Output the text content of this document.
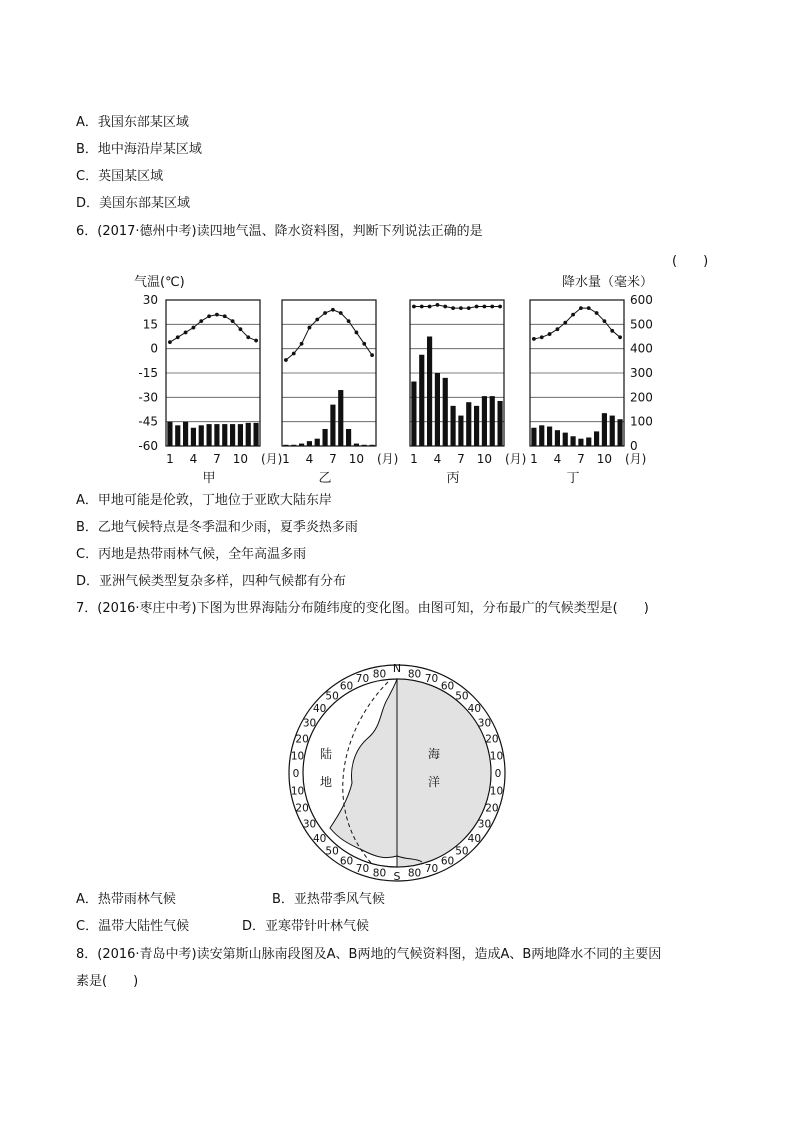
A．我国东部某区域
B．地中海沿岸某区域
C．英国某区域
D．美国东部某区域
6．(2017·德州中考)读四地气温、降水资料图，判断下列说法正确的是
(　　)
气温(℃)	降水量（毫米）
30
15
0
-15
-30
-45
-60
600
500
400
300
200
100
0
1 4 7 10 (月)
甲
1 4 7 10 (月)
乙
1 4 7 10 (月)
丙
1 4 7 10 (月)
丁
A．甲地可能是伦敦，丁地位于亚欧大陆东岸
B．乙地气候特点是冬季温和少雨，夏季炎热多雨
C．丙地是热带雨林气候，全年高温多雨
D．亚洲气候类型复杂多样，四种气候都有分布
7．(2016·枣庄中考)下图为世界海陆分布随纬度的变化图。由图可知，分布最广的气候类型是(　　)
N
S
陆
地
海
洋
80
70
60
50
40
30
20
10
0
10
20
30
40
50
60
70 80
80 70
60
50
40
30
20
10
0
10
20
30
40
50
60
70
80
A．热带雨林气候	B．亚热带季风气候
C．温带大陆性气候	D．亚寒带针叶林气候
8．(2016·青岛中考)读安第斯山脉南段图及A、B两地的气候资料图，造成A、B两地降水不同的主要因
素是(　　)
